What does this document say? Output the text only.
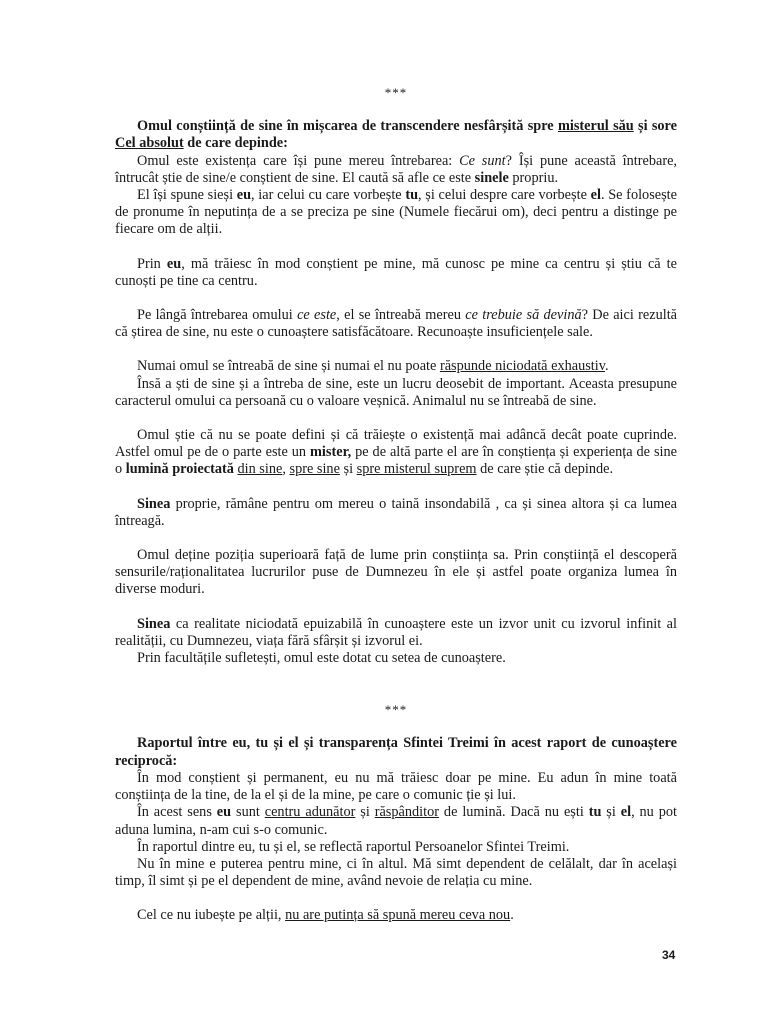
***

Omul conștiință de sine în mișcarea de transcendere nesfârșită spre misterul său și sore Cel absolut de care depinde:

Omul este existența care își pune mereu întrebarea: Ce sunt? Își pune această întrebare, întrucât știe de sine/e conștient de sine. El caută să afle ce este sinele propriu.

El își spune sieși eu, iar celui cu care vorbește tu, și celui despre care vorbește el. Se folosește de pronume în neputința de a se preciza pe sine (Numele fiecărui om), deci pentru a distinge pe fiecare om de alții.

Prin eu, mă trăiesc în mod conștient pe mine, mă cunosc pe mine ca centru și știu că te cunoști pe tine ca centru.

Pe lângă întrebarea omului ce este, el se întreabă mereu ce trebuie să devină? De aici rezultă că știrea de sine, nu este o cunoaștere satisfăcătoare. Recunoaște insuficiențele sale.

Numai omul se întreabă de sine și numai el nu poate răspunde niciodată exhaustiv.

Însă a ști de sine și a întreba de sine, este un lucru deosebit de important. Aceasta presupune caracterul omului ca persoană cu o valoare veșnică. Animalul nu se întreabă de sine.

Omul știe că nu se poate defini și că trăiește o existență mai adâncă decât poate cuprinde. Astfel omul pe de o parte este un mister, pe de altă parte el are în conștiența și experiența de sine o lumină proiectată din sine, spre sine și spre misterul suprem de care știe că depinde.

Sinea proprie, rămâne pentru om mereu o taină insondabilă , ca și sinea altora și ca lumea întreagă.

Omul deține poziția superioară față de lume prin conștiința sa. Prin conștiință el descoperă sensurile/raționalitatea lucrurilor puse de Dumnezeu în ele și astfel poate organiza lumea în diverse moduri.

Sinea ca realitate niciodată epuizabilă în cunoaștere este un izvor unit cu izvorul infinit al realității, cu Dumnezeu, viața fără sfârșit și izvorul ei.

Prin facultățile sufletești, omul este dotat cu setea de cunoaștere.

***

Raportul între eu, tu și el și transparența Sfintei Treimi în acest raport de cunoaștere reciprocă:

În mod conștient și permanent, eu nu mă trăiesc doar pe mine. Eu adun în mine toată conștiința de la tine, de la el și de la mine, pe care o comunic ție și lui.

În acest sens eu sunt centru adunător și răspânditor de lumină. Dacă nu ești tu și el, nu pot aduna lumina, n-am cui s-o comunic.

În raportul dintre eu, tu și el, se reflectă raportul Persoanelor Sfintei Treimi.

Nu în mine e puterea pentru mine, ci în altul. Mă simt dependent de celălalt, dar în același timp, îl simt și pe el dependent de mine, având nevoie de relația cu mine.

Cel ce nu iubește pe alții, nu are putința să spună mereu ceva nou.

34
